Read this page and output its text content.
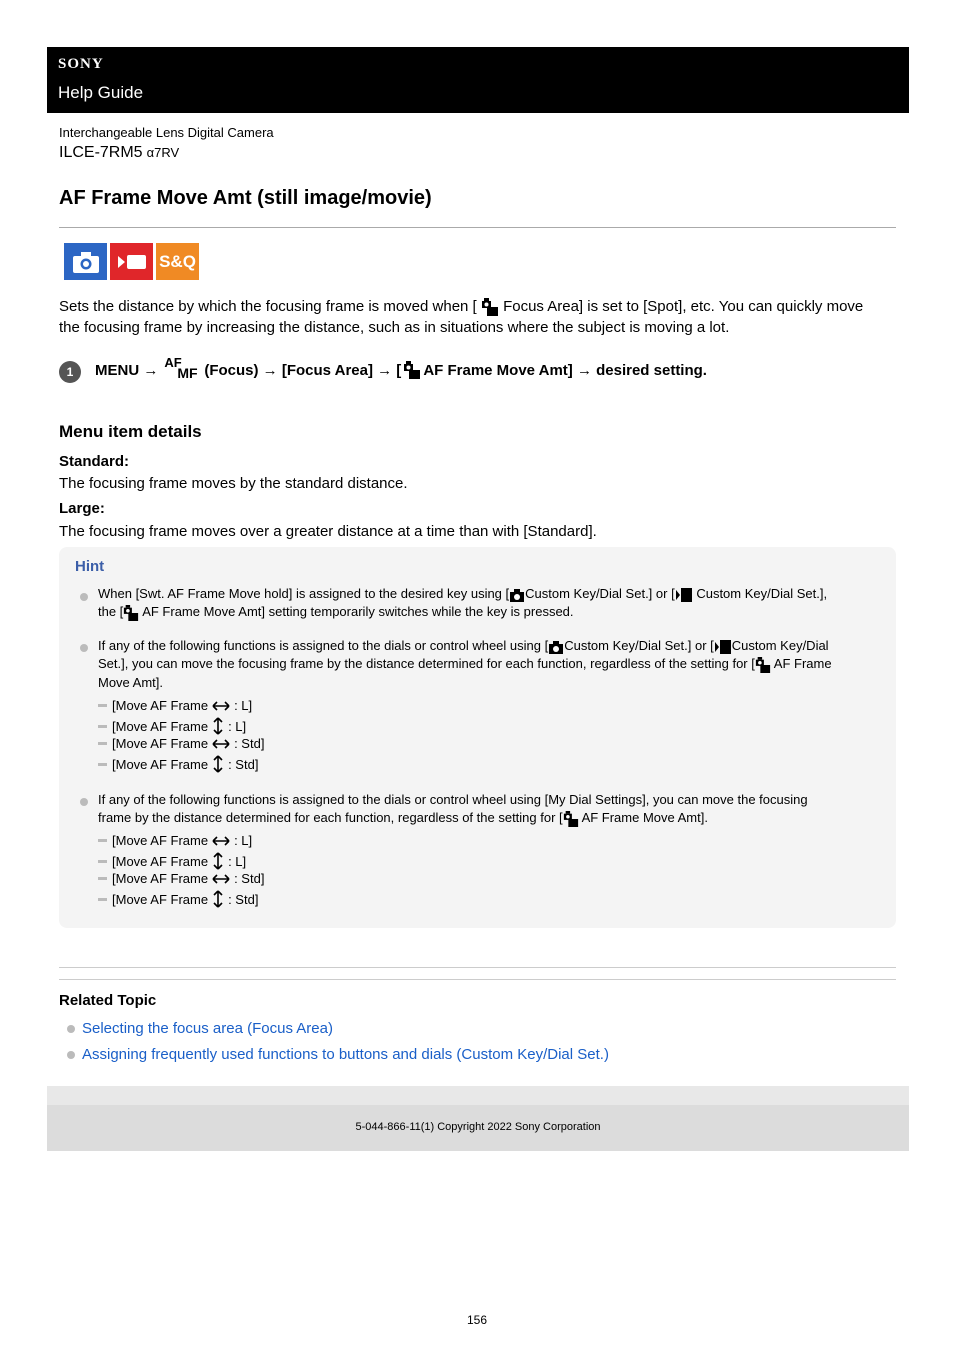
SONY
Help Guide
Interchangeable Lens Digital Camera
ILCE-7RM5 α7RV
AF Frame Move Amt (still image/movie)
S&Q
Sets the distance by which the focusing frame is moved when [ Focus Area] is set to [Spot], etc. You can quickly move the focusing frame by increasing the distance, such as in situations where the subject is moving a lot.
1	MENU → AF
MF (Focus) → [Focus Area] → [ AF Frame Move Amt] → desired setting.
Menu item details
Standard:
The focusing frame moves by the standard distance.
Large:
The focusing frame moves over a greater distance at a time than with [Standard].
Hint
When [Swt. AF Frame Move hold] is assigned to the desired key using [ Custom Key/Dial Set.] or [ Custom Key/Dial Set.],
the [ AF Frame Move Amt] setting temporarily switches while the key is pressed.
If any of the following functions is assigned to the dials or control wheel using [ Custom Key/Dial Set.] or [ Custom Key/Dial
Set.], you can move the focusing frame by the distance determined for each function, regardless of the setting for [ AF Frame
Move Amt].
[Move AF Frame : L]
[Move AF Frame : L]
[Move AF Frame : Std]
[Move AF Frame : Std]
If any of the following functions is assigned to the dials or control wheel using [My Dial Settings], you can move the focusing
frame by the distance determined for each function, regardless of the setting for [ AF Frame Move Amt].
[Move AF Frame : L]
[Move AF Frame : L]
[Move AF Frame : Std]
[Move AF Frame : Std]
Related Topic
Selecting the focus area (Focus Area)
Assigning frequently used functions to buttons and dials (Custom Key/Dial Set.)
5-044-866-11(1) Copyright 2022 Sony Corporation
156
